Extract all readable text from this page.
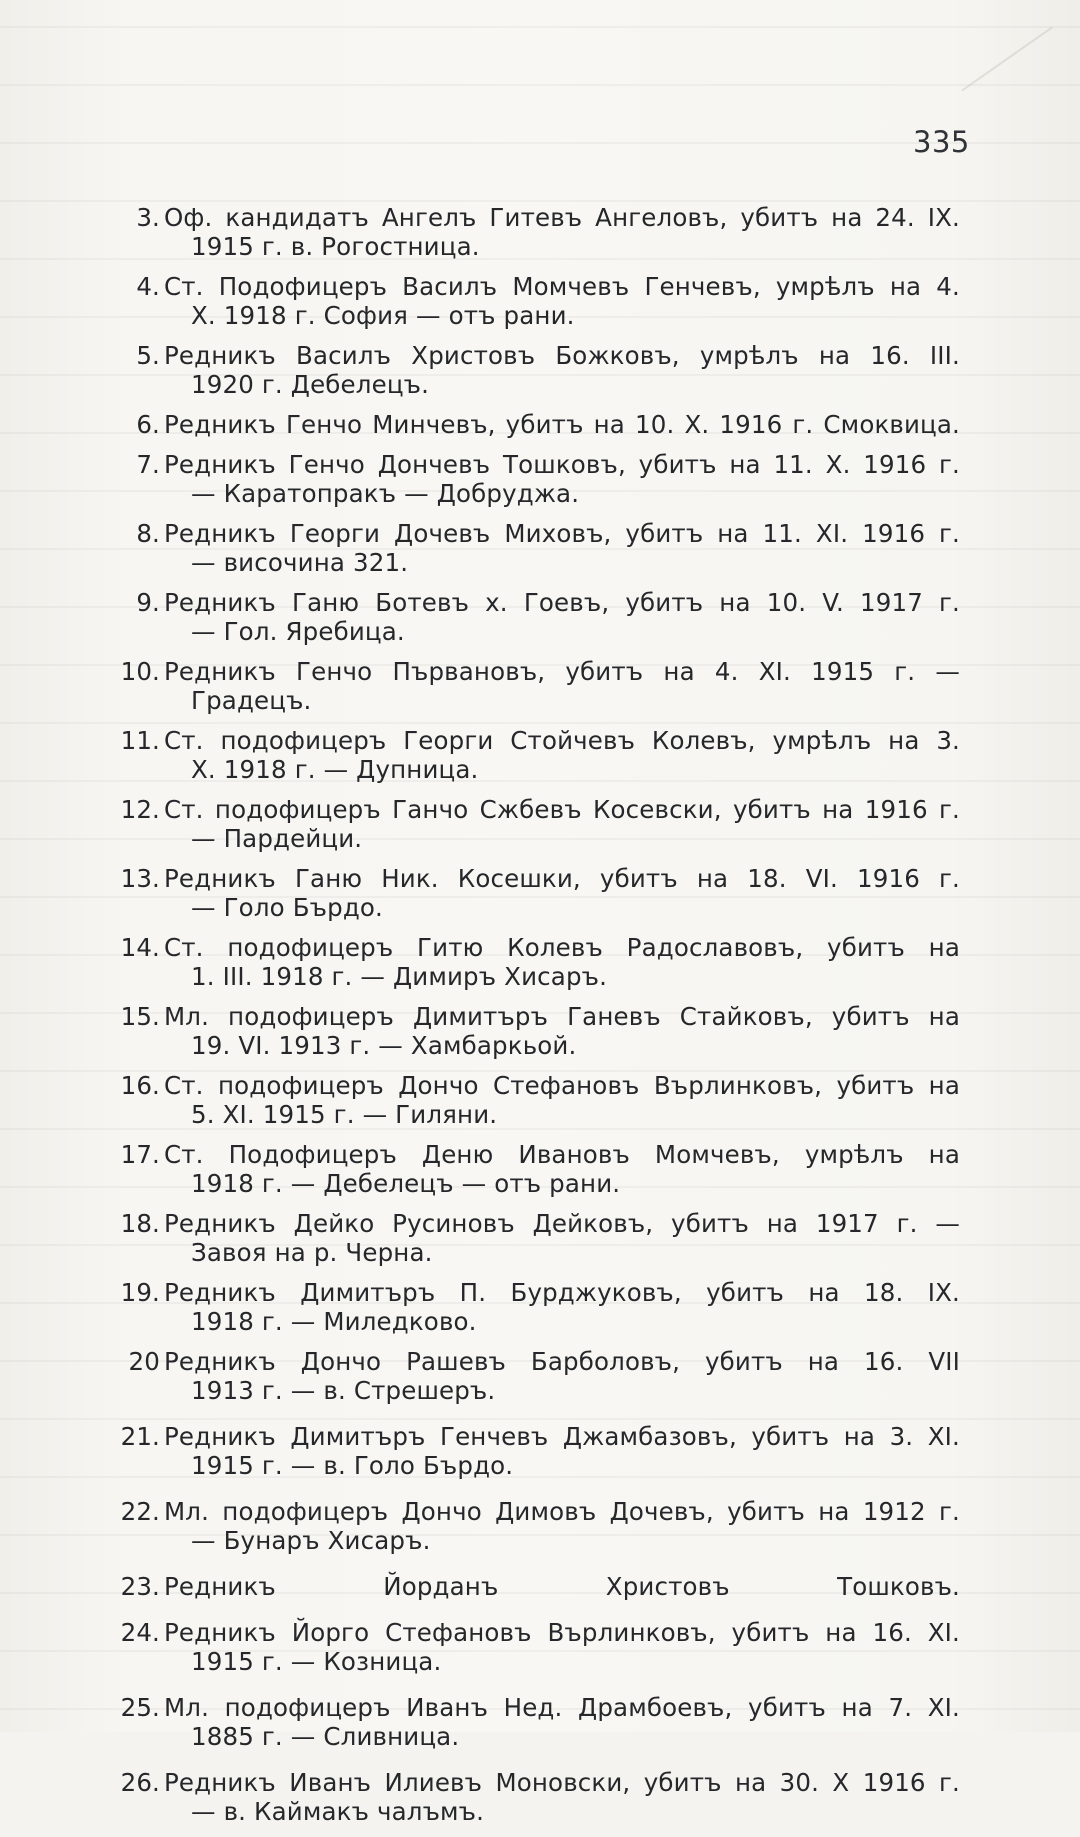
335
3. Оф. кандидатъ Ангелъ Гитевъ Ангеловъ, убитъ на 24. IX.
1915 г. в. Рогостница.
4. Ст. Подофицеръ Василъ Момчевъ Генчевъ, умрѣлъ на 4.
X. 1918 г. София — отъ рани.
5. Редникъ Василъ Христовъ Божковъ, умрѣлъ на 16. III.
1920 г. Дебелецъ.
6. Редникъ Генчо Минчевъ, убитъ на 10. X. 1916 г. Смоквица.
7. Редникъ Генчо Дончевъ Тошковъ, убитъ на 11. X. 1916 г.
— Каратопракъ — Добруджа.
8. Редникъ Георги Дочевъ Миховъ, убитъ на 11. XI. 1916 г.
— височина 321.
9. Редникъ Ганю Ботевъ х. Гоевъ, убитъ на 10. V. 1917 г.
— Гол. Яребица.
10. Редникъ Генчо Първановъ, убитъ на 4. XI. 1915 г. —
Градецъ.
11. Ст. подофицеръ Георги Стойчевъ Колевъ, умрѣлъ на 3.
X. 1918 г. — Дупница.
12. Ст. подофицеръ Ганчо Сжбевъ Косевски, убитъ на 1916 г.
— Пардейци.
13. Редникъ Ганю Ник. Косешки, убитъ на 18. VI. 1916 г.
— Голо Бърдо.
14. Ст. подофицеръ Гитю Колевъ Радославовъ, убитъ на
1. III. 1918 г. — Димиръ Хисаръ.
15. Мл. подофицеръ Димитъръ Ганевъ Стайковъ, убитъ на
19. VI. 1913 г. — Хамбаркьой.
16. Ст. подофицеръ Дончо Стефановъ Върлинковъ, убитъ на
5. XI. 1915 г. — Гиляни.
17. Ст. Подофицеръ Деню Ивановъ Момчевъ, умрѣлъ на
1918 г. — Дебелецъ — отъ рани.
18. Редникъ Дейко Русиновъ Дейковъ, убитъ на 1917 г. —
Завоя на р. Черна.
19. Редникъ Димитъръ П. Бурджуковъ, убитъ на 18. IX.
1918 г. — Миледково.
20 Редникъ Дончо Рашевъ Барболовъ, убитъ на 16. VII
1913 г. — в. Стрешеръ.
21. Редникъ Димитъръ Генчевъ Джамбазовъ, убитъ на 3. XI.
1915 г. — в. Голо Бърдо.
22. Мл. подофицеръ Дончо Димовъ Дочевъ, убитъ на 1912 г.
— Бунаръ Хисаръ.
23. Редникъ Йорданъ Христовъ Тошковъ.
24. Редникъ Йорго Стефановъ Върлинковъ, убитъ на 16. XI.
1915 г. — Козница.
25. Мл. подофицеръ Иванъ Нед. Драмбоевъ, убитъ на 7. XI.
1885 г. — Сливница.
26. Редникъ Иванъ Илиевъ Моновски, убитъ на 30. X 1916 г.
— в. Каймакъ чалъмъ.
